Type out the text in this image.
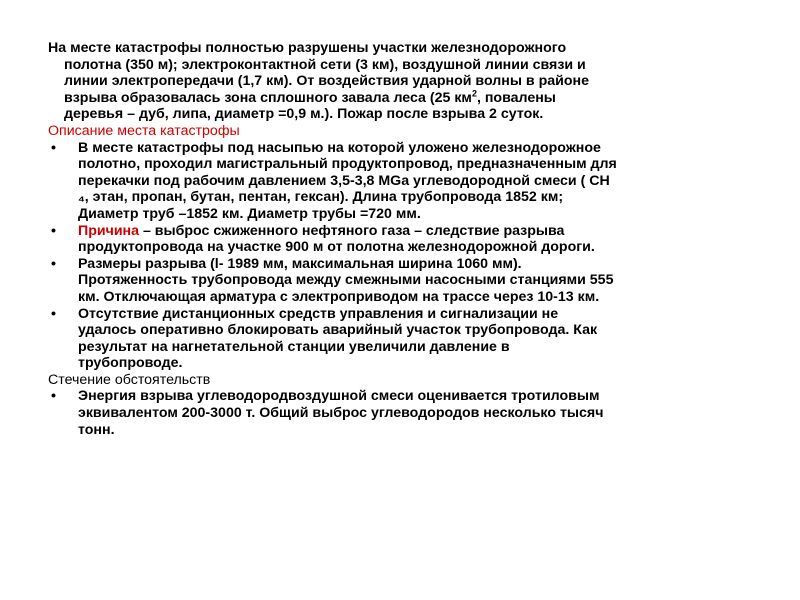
На месте катастрофы полностью разрушены участки железнодорожного
полотна (350 м); электроконтактной сети (3 км), воздушной линии связи и
линии электропередачи (1,7 км). От воздействия ударной волны в районе
взрыва образовалась зона сплошного завала леса (25 $км^2$, повалены
деревья – дуб, липа, диаметр =0,9 м.). Пожар после взрыва 2 суток.

Описание места катастрофы

• В месте катастрофы под насыпью на которой уложено железнодорожное
полотно, проходил магистральный продуктопровод, предназначенным для
перекачки под рабочим давлением 3,5-3,8 MGa углеводородной смеси ( CH
₄, этан, пропан, бутан, пентан, гексан). Длина трубопровода 1852 км;
Диаметр труб –1852 км. Диаметр трубы =720 мм.
• Причина – выброс сжиженного нефтяного газа – следствие разрыва
продуктопровода на участке 900 м от полотна железнодорожной дороги.
• Размеры разрыва (l- 1989 мм, максимальная ширина 1060 мм).
Протяженность трубопровода между смежными насосными станциями 555
км. Отключающая арматура с электроприводом на трассе через 10-13 км.
• Отсутствие дистанционных средств управления и сигнализации не
удалось оперативно блокировать аварийный участок трубопровода. Как
результат на нагнетательной станции увеличили давление в
трубопроводе.

Стечение обстоятельств

• Энергия взрыва углеводородвоздушной смеси оценивается тротиловым
эквивалентом 200-3000 т. Общий выброс углеводородов несколько тысяч
тонн.
